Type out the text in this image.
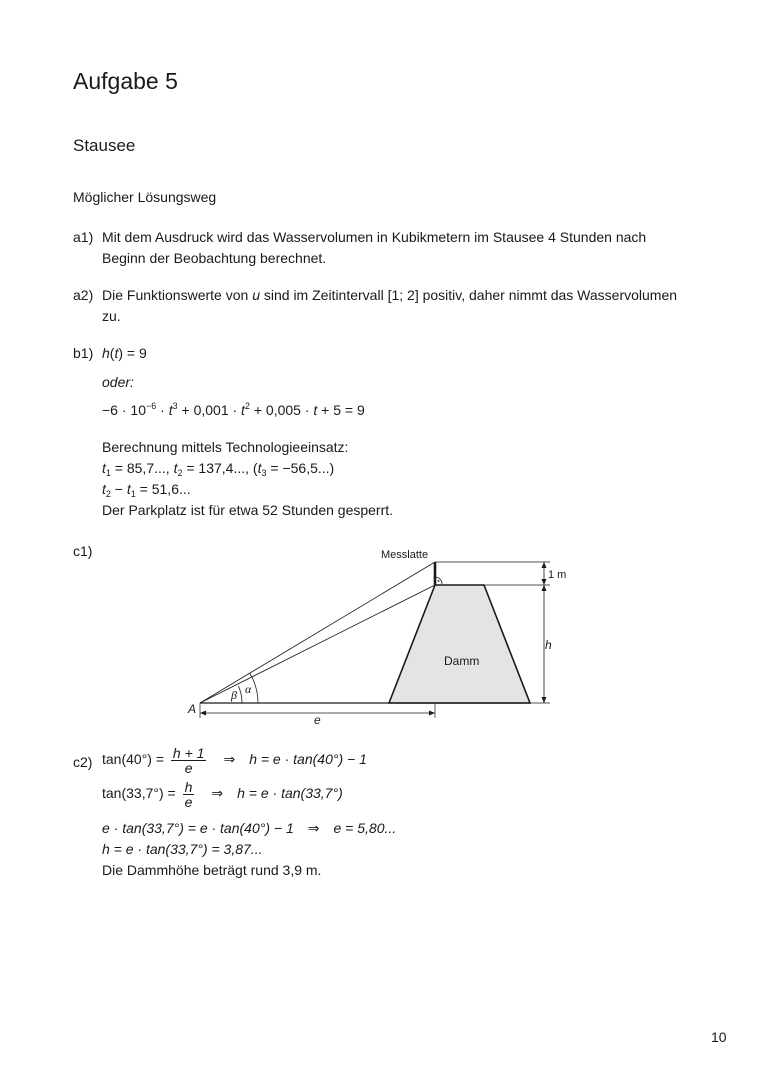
Aufgabe 5
Stausee
Möglicher Lösungsweg
a1) Mit dem Ausdruck wird das Wasservolumen in Kubikmetern im Stausee 4 Stunden nach
Beginn der Beobachtung berechnet.
a2) Die Funktionswerte von u sind im Zeitintervall [1; 2] positiv, daher nimmt das Wasservolumen
zu.
b1) h(t) = 9
oder:
$-6 \cdot 10^{-6} \cdot t^3 + 0,001 \cdot t^2 + 0,005 \cdot t + 5 = 9$
Berechnung mittels Technologieeinsatz:
$t_1 = 85,7$..., $t_2 = 137,4$..., $(t_3 = -56,5...)$
$t_2 - t_1 = 51,6$...
Der Parkplatz ist für etwa 52 Stunden gesperrt.
c1)	Messlatte
1 m
h
Damm
α
β
A
e
c2) $\tan(40^\circ) = \frac{h + 1}{e}$ ⇒ h = e · tan(40°) − 1
$\tan(33,7^\circ) = \frac{h}{e}$ ⇒ h = e · tan(33,7°)
e · tan(33,7°) = e · tan(40°) − 1 ⇒ e = 5,80...
h = e · tan(33,7°) = 3,87...
Die Dammhöhe beträgt rund 3,9 m.
10
